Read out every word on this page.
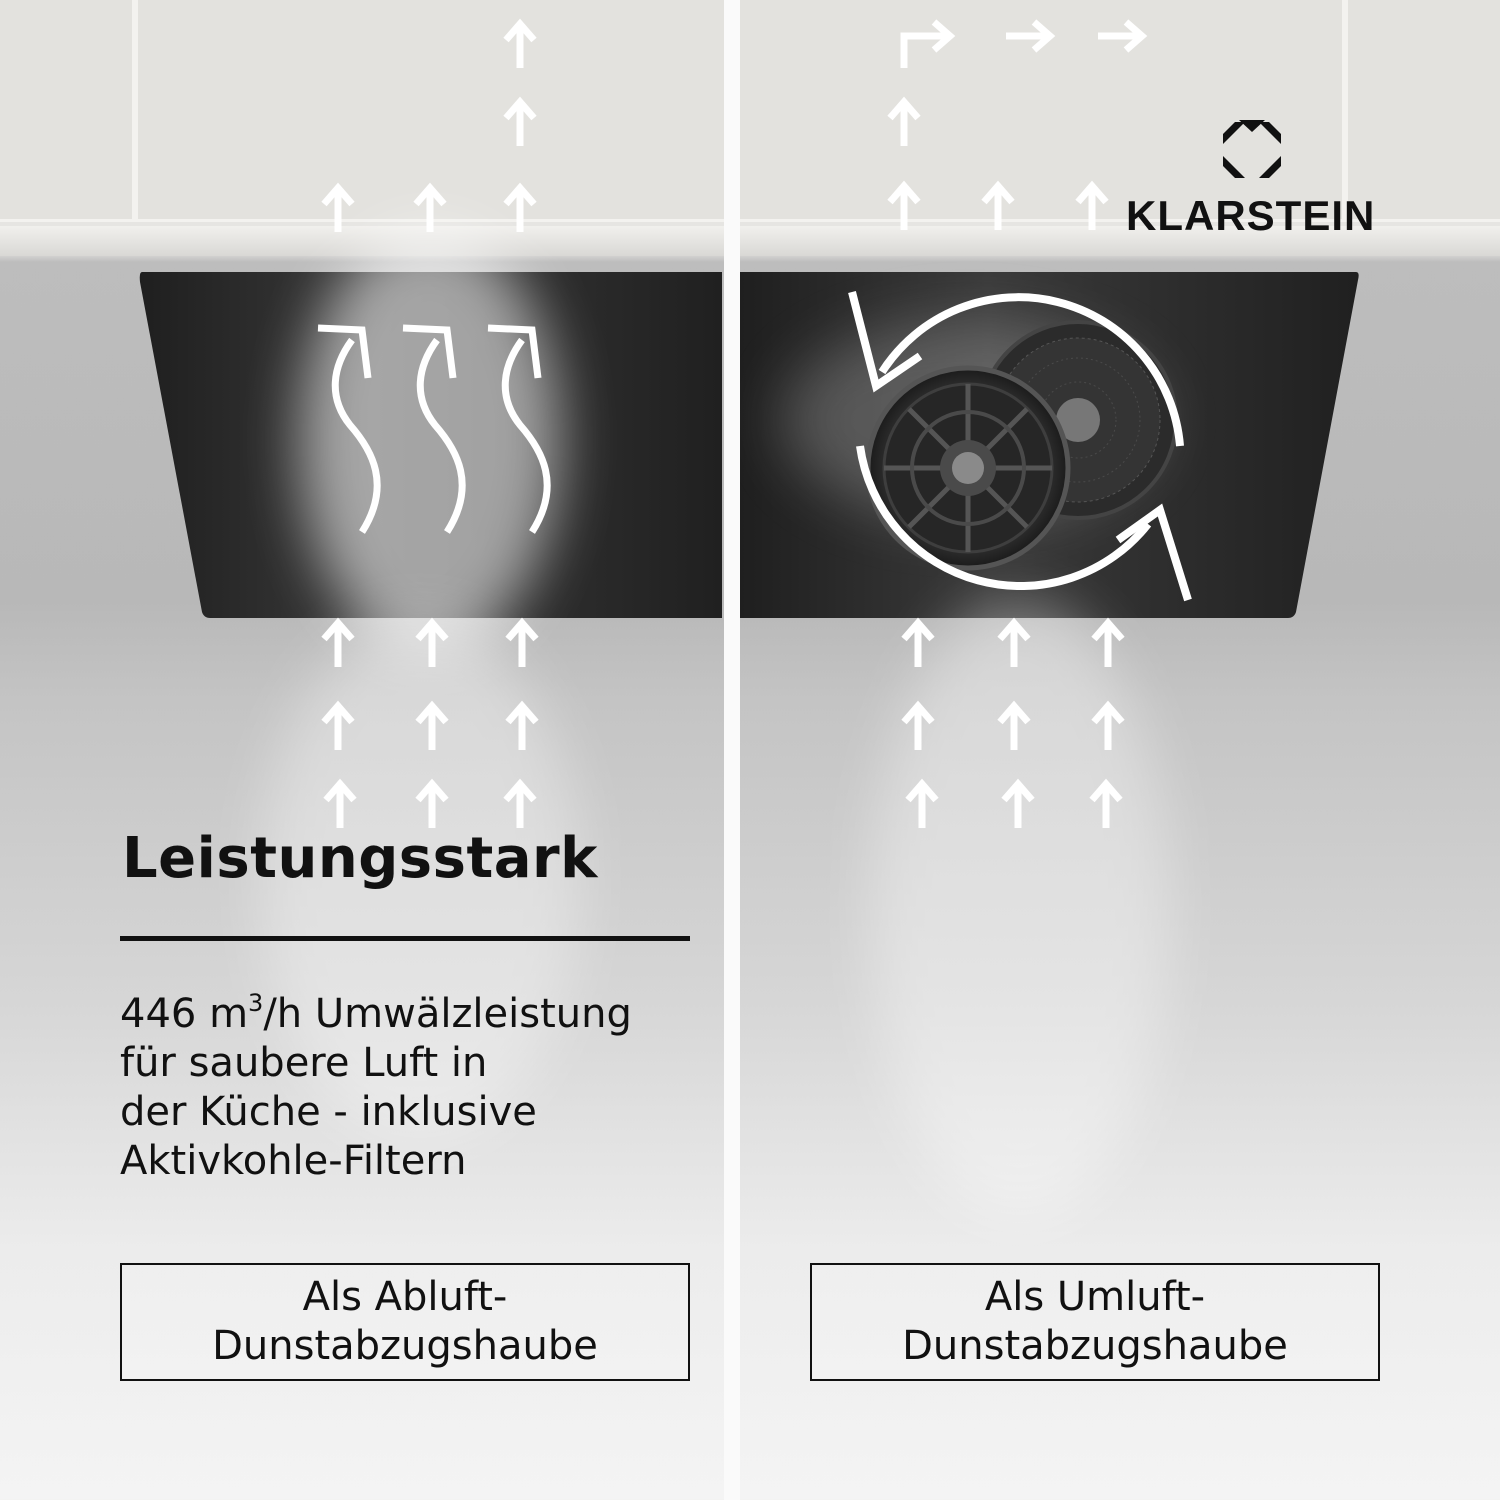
KLARSTEIN
Leistungsstark

446 $m^3/h$ Umwälzleistung
für saubere Luft in
der Küche - inklusive
Aktivkohle-Filtern

Als Abluft-
Dunstabzugshaube
Als Umluft-
Dunstabzugshaube
